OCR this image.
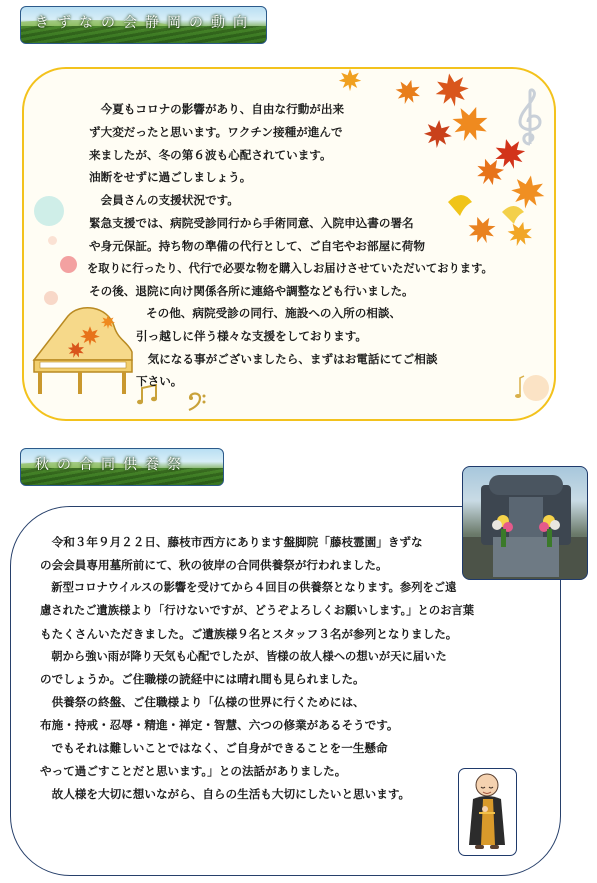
きずなの会静岡の動向
　今夏もコロナの影響があり、自由な行動が出来
ず大変だったと思います。ワクチン接種が進んで
来ましたが、冬の第６波も心配されています。
油断をせずに過ごしましょう。
　会員さんの支援状況です。
緊急支援では、病院受診同行から手術同意、入院申込書の署名
や身元保証。持ち物の準備の代行として、ご自宅やお部屋に荷物
を取りに行ったり、代行で必要な物を購入しお届けさせていただいております。
その後、退院に向け関係各所に連絡や調整なども行いました。
その他、病院受診の同行、施設への入所の相談、
引っ越しに伴う様々な支援をしております。
　気になる事がございましたら、まずはお電話にてご相談
下さい。
秋の合同供養祭
　令和３年９月２２日、藤枝市西方にあります盤脚院「藤枝霊園」きずな
の会会員専用墓所前にて、秋の彼岸の合同供養祭が行われました。
　新型コロナウイルスの影響を受けてから４回目の供養祭となります。参列をご遠
慮されたご遺族様より「行けないですが、どうぞよろしくお願いします。」とのお言葉
もたくさんいただきました。ご遺族様９名とスタッフ３名が参列となりました。
　朝から強い雨が降り天気も心配でしたが、皆様の故人様への想いが天に届いた
のでしょうか。ご住職様の読経中には晴れ間も見られました。
　供養祭の終盤、ご住職様より「仏様の世界に行くためには、
布施・持戒・忍辱・精進・禅定・智慧、六つの修業があるそうです。
　でもそれは難しいことではなく、ご自身ができることを一生懸命
やって過ごすことだと思います。」との法話がありました。
　故人様を大切に想いながら、自らの生活も大切にしたいと思います。
